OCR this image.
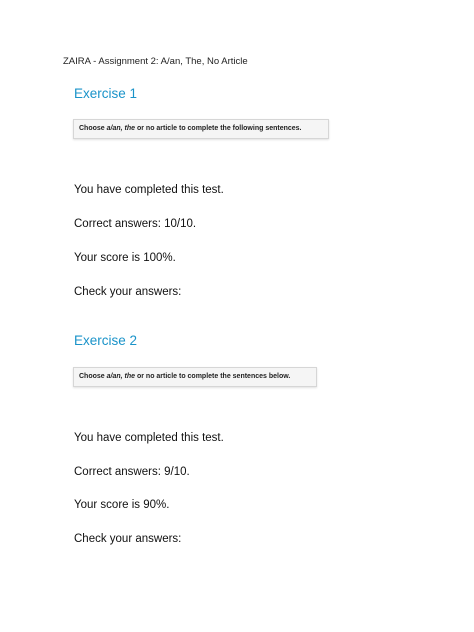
ZAIRA - Assignment 2: A/an, The, No Article
Exercise 1
Choose a/an, the or no article to complete the following sentences.
You have completed this test.
Correct answers: 10/10.
Your score is 100%.
Check your answers:
Exercise 2
Choose a/an, the or no article to complete the sentences below.
You have completed this test.
Correct answers: 9/10.
Your score is 90%.
Check your answers:
